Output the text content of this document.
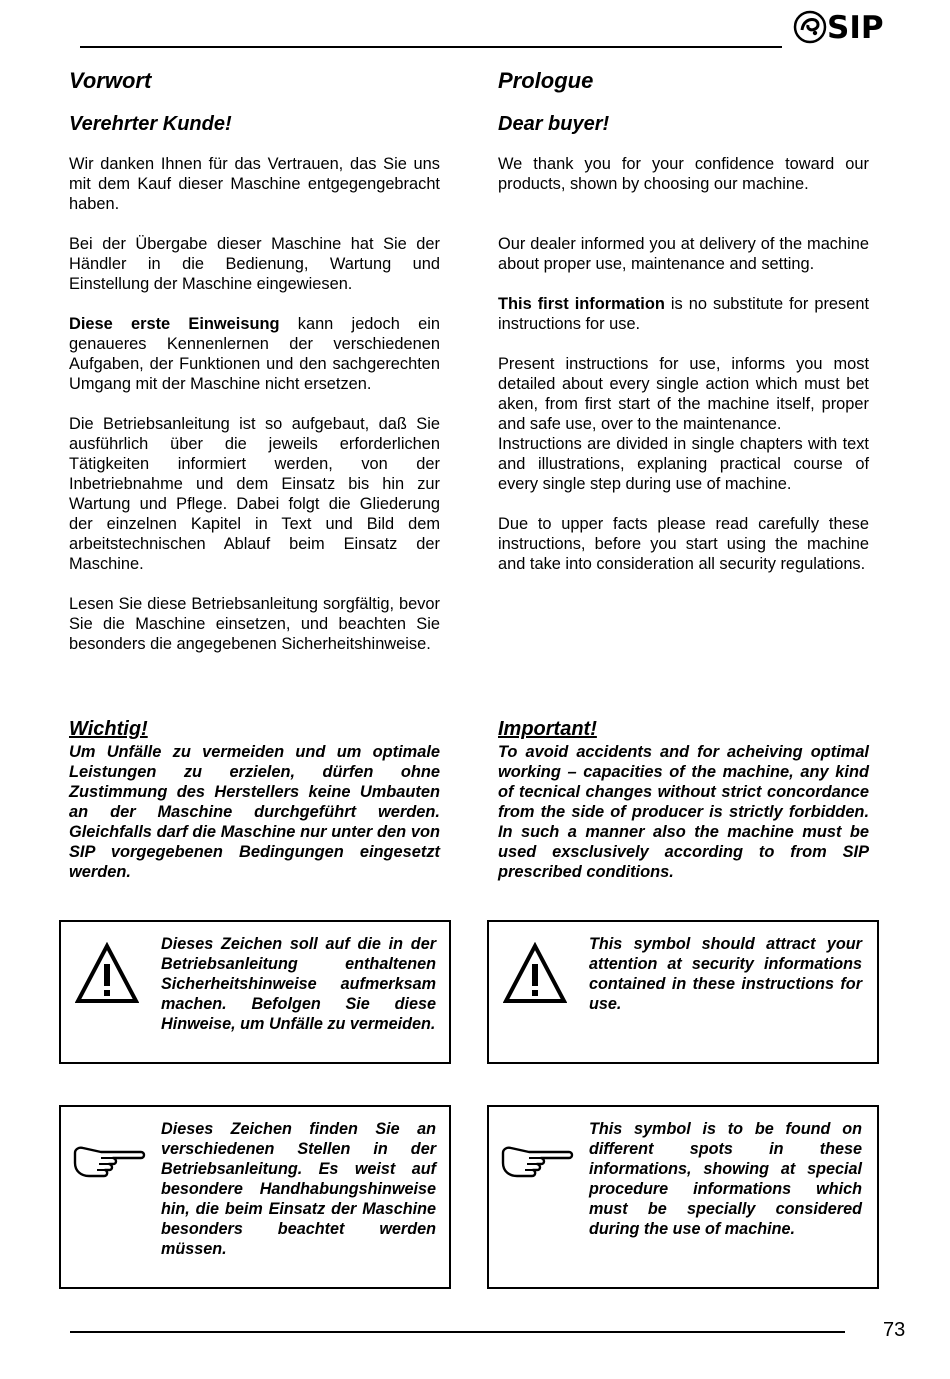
SIP
Vorwort
Verehrter Kunde!

Wir danken Ihnen für das Vertrauen, das Sie uns mit dem Kauf dieser Maschine entgegengebracht haben.

Bei der Übergabe dieser Maschine hat Sie der Händler in die Bedienung, Wartung und Einstellung der Maschine eingewiesen.

Diese erste Einweisung kann jedoch ein genaueres Kennenlernen der verschiedenen Aufgaben, der Funktionen und den sachgerechten Umgang mit der Maschine nicht ersetzen.

Die Betriebsanleitung ist so aufgebaut, daß Sie ausführlich über die jeweils erforderlichen Tätigkeiten informiert werden, von der Inbetriebnahme und dem Einsatz bis hin zur Wartung und Pflege. Dabei folgt die Gliederung der einzelnen Kapitel in Text und Bild dem arbeitstechnischen Ablauf beim Einsatz der Maschine.

Lesen Sie diese Betriebsanleitung sorgfältig, bevor Sie die Maschine einsetzen, und beachten Sie besonders die angegebenen Sicherheitshinweise.

Prologue
Dear buyer!

We thank you for your confidence toward our products, shown by choosing our machine.

Our dealer informed you at delivery of the machine about proper use, maintenance and setting.

This first information is no substitute for present instructions for use.

Present instructions for use, informs you most detailed about every single action which must bet aken, from first start of the machine itself, proper and safe use, over to the maintenance.

Instructions are divided in single chapters with text and illustrations, explaning practical course of every single step during use of machine.

Due to upper facts please read carefully these instructions, before you start using the machine and take into consideration all security regulations.

Wichtig!
Um Unfälle zu vermeiden und um optimale Leistungen zu erzielen, dürfen ohne Zustimmung des Herstellers keine Umbauten an der Maschine durchgeführt werden. Gleichfalls darf die Maschine nur unter den von SIP vorgegebenen Bedingungen eingesetzt werden.
Important!
To avoid accidents and for acheiving optimal working – capacities of the machine, any kind of tecnical changes without strict concordance from the side of producer is strictly forbidden. In such a manner also the machine must be used exsclusively according to from SIP prescribed conditions.
Dieses Zeichen soll auf die in der Betriebsanleitung enthaltenen Sicherheitshinweise aufmerksam machen. Befolgen Sie diese Hinweise, um Unfälle zu vermeiden.
This symbol should attract your attention at security informations contained in these instructions for use.
Dieses Zeichen finden Sie an verschiedenen Stellen in der Betriebsanleitung. Es weist auf besondere Handhabungshinweise hin, die beim Einsatz der Maschine besonders beachtet werden müssen.
This symbol is to be found on different spots in these informations, showing at special procedure informations which must be specially considered during the use of machine.
73
